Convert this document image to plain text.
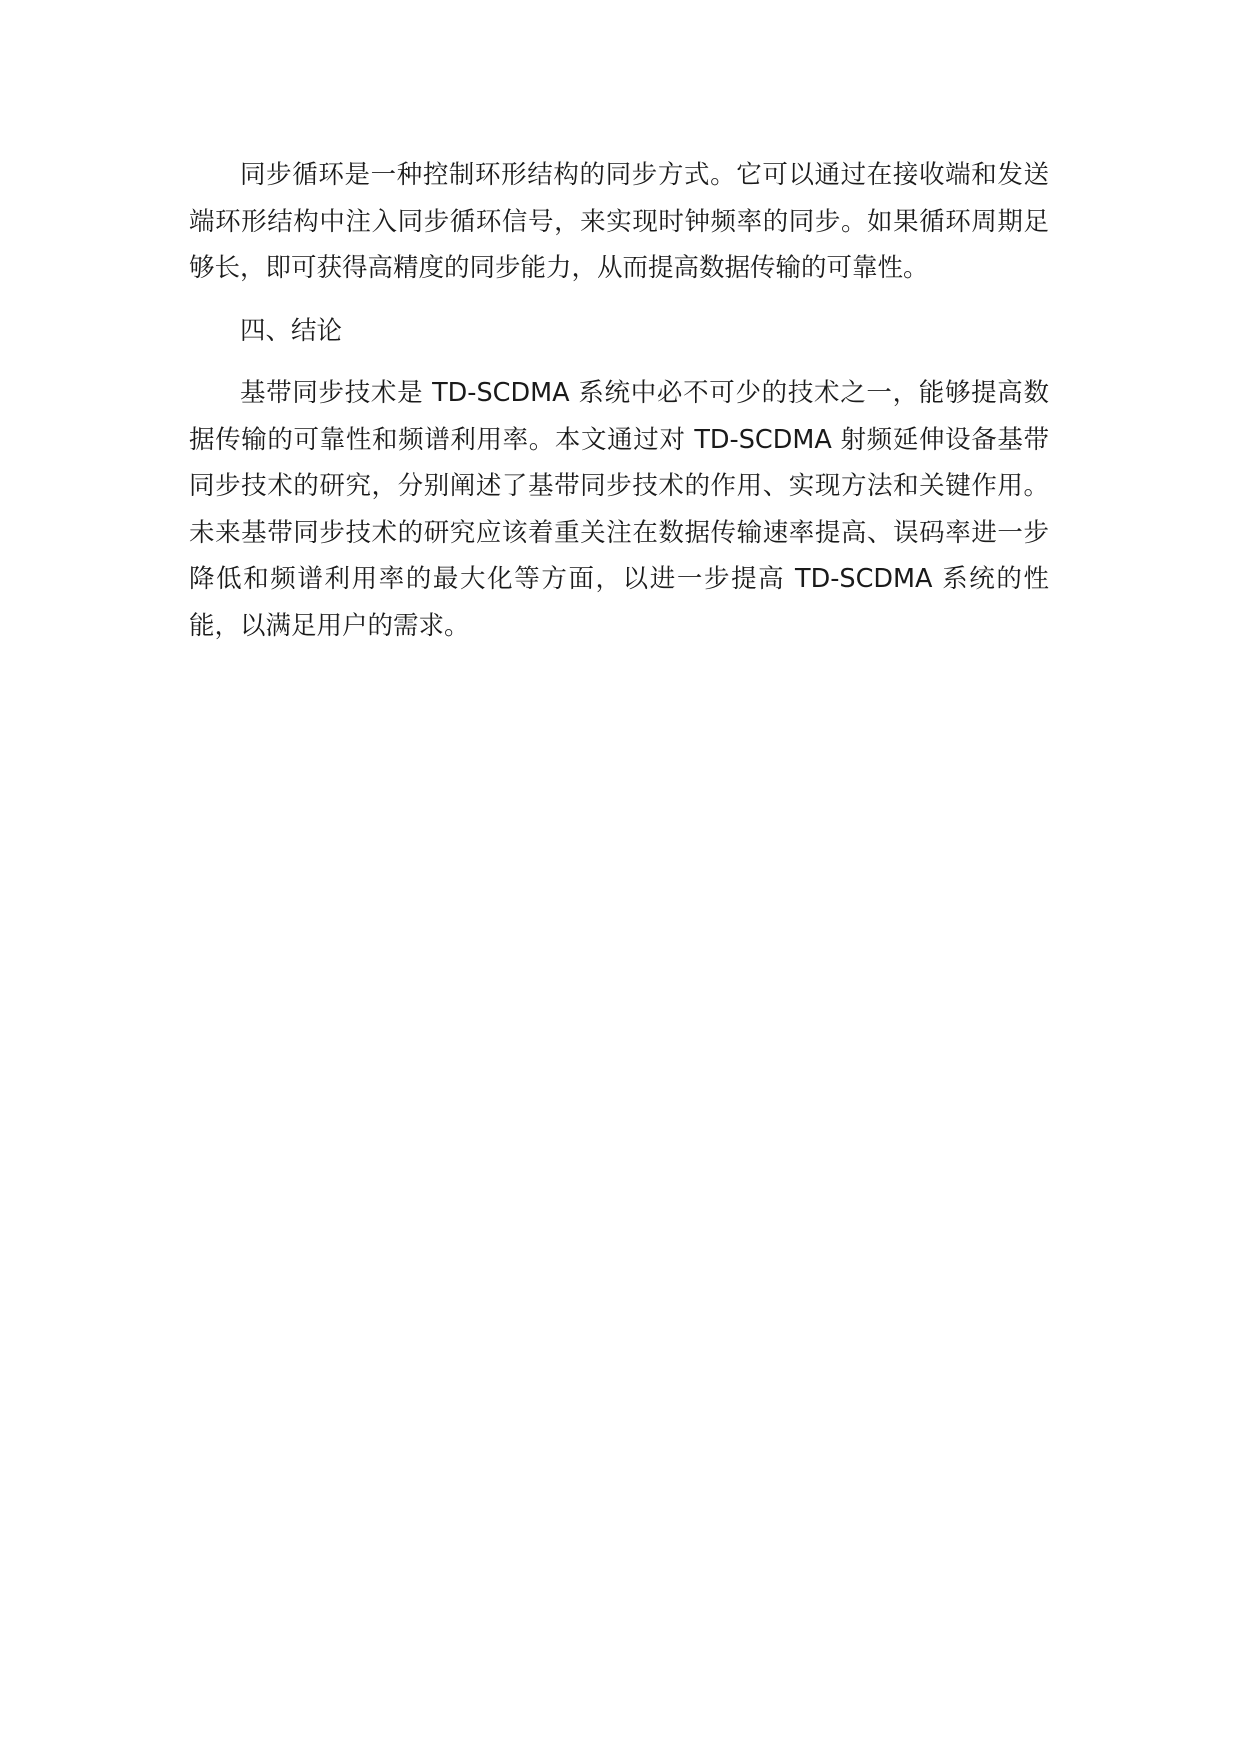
同步循环是一种控制环形结构的同步方式。它可以通过在接收端和发送端环形结构中注入同步循环信号，来实现时钟频率的同步。如果循环周期足够长，即可获得高精度的同步能力，从而提高数据传输的可靠性。

四、结论

基带同步技术是 TD-SCDMA 系统中必不可少的技术之一，能够提高数据传输的可靠性和频谱利用率。本文通过对 TD-SCDMA 射频延伸设备基带同步技术的研究，分别阐述了基带同步技术的作用、实现方法和关键作用。未来基带同步技术的研究应该着重关注在数据传输速率提高、误码率进一步降低和频谱利用率的最大化等方面，以进一步提高 TD-SCDMA 系统的性能，以满足用户的需求。
